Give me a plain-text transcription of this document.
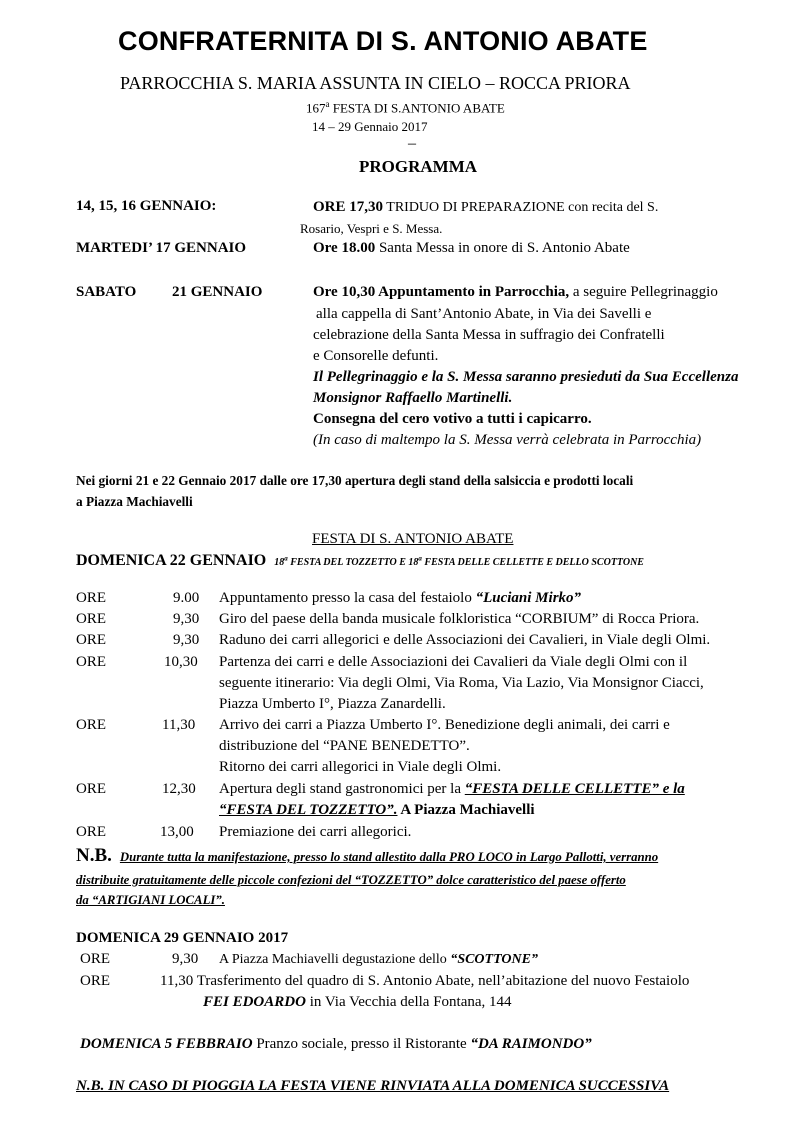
CONFRATERNITA DI S. ANTONIO ABATE
PARROCCHIA S. MARIA ASSUNTA IN CIELO – ROCCA PRIORA
167$^a$ FESTA DI S.ANTONIO ABATE
14 – 29 Gennaio 2017
–
PROGRAMMA
14, 15, 16 GENNAIO:	ORE 17,30 TRIDUO DI PREPARAZIONE con recita del S.
Rosario, Vespri e S. Messa.
MARTEDI’ 17 GENNAIO	Ore 18.00 Santa Messa in onore di S. Antonio Abate
SABATO 21 GENNAIO	Ore 10,30 Appuntamento in Parrocchia, a seguire Pellegrinaggio
alla cappella di Sant’Antonio Abate, in Via dei Savelli e
celebrazione della Santa Messa in suffragio dei Confratelli
e Consorelle defunti.
Il Pellegrinaggio e la S. Messa saranno presieduti da Sua Eccellenza
Monsignor Raffaello Martinelli.
Consegna del cero votivo a tutti i capicarro.
(In caso di maltempo la S. Messa verrà celebrata in Parrocchia)
Nei giorni 21 e 22 Gennaio 2017 dalle ore 17,30 apertura degli stand della salsiccia e prodotti locali
a Piazza Machiavelli
FESTA DI S. ANTONIO ABATE
DOMENICA 22 GENNAIO 18$^a$ FESTA DEL TOZZETTO E 18$^a$ FESTA DELLE CELLETTE E DELLO SCOTTONE
ORE	9.00 Appuntamento presso la casa del festaiolo “Luciani Mirko”
ORE	9,30 Giro del paese della banda musicale folkloristica “CORBIUM” di Rocca Priora.
ORE	9,30 Raduno dei carri allegorici e delle Associazioni dei Cavalieri, in Viale degli Olmi.
ORE	10,30 Partenza dei carri e delle Associazioni dei Cavalieri da Viale degli Olmi con il
seguente itinerario: Via degli Olmi, Via Roma, Via Lazio, Via Monsignor Ciacci,
Piazza Umberto I°, Piazza Zanardelli.
ORE	11,30 Arrivo dei carri a Piazza Umberto I°. Benedizione degli animali, dei carri e
distribuzione del “PANE BENEDETTO”.
Ritorno dei carri allegorici in Viale degli Olmi.
ORE	12,30 Apertura degli stand gastronomici per la “FESTA DELLE CELLETTE” e la
“FESTA DEL TOZZETTO”. A Piazza Machiavelli
ORE	13,00 Premiazione dei carri allegorici.
N.B. Durante tutta la manifestazione, presso lo stand allestito dalla PRO LOCO in Largo Pallotti, verranno
distribuite gratuitamente delle piccole confezioni del “TOZZETTO” dolce caratteristico del paese offerto
da “ARTIGIANI LOCALI”.
DOMENICA 29 GENNAIO 2017
ORE	9,30 A Piazza Machiavelli degustazione dello “SCOTTONE”
ORE	11,30 Trasferimento del quadro di S. Antonio Abate, nell’abitazione del nuovo Festaiolo
FEI EDOARDO in Via Vecchia della Fontana, 144
DOMENICA 5 FEBBRAIO Pranzo sociale, presso il Ristorante “DA RAIMONDO”
N.B. IN CASO DI PIOGGIA LA FESTA VIENE RINVIATA ALLA DOMENICA SUCCESSIVA
